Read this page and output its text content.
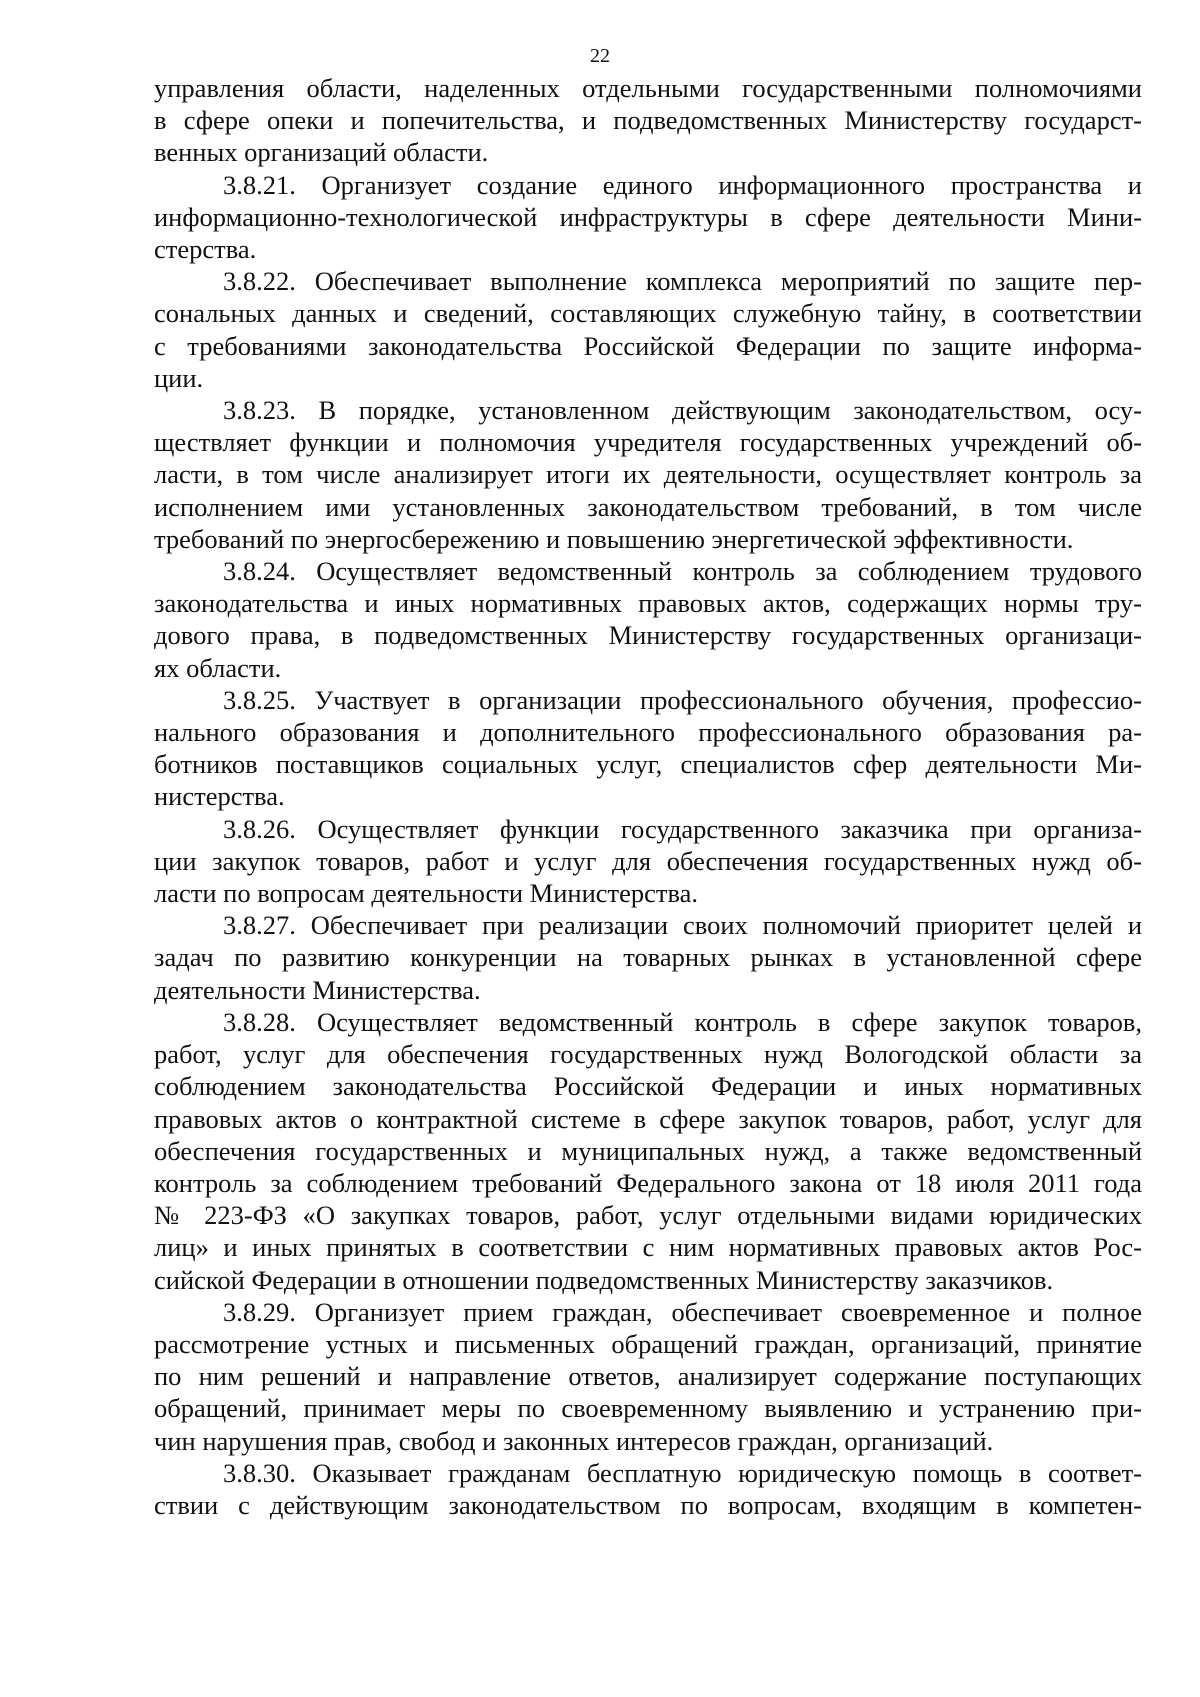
22
управления области, наделенных отдельными государственными полномочиями
в сфере опеки и попечительства, и подведомственных Министерству государст-
венных организаций области.
3.8.21. Организует создание единого информационного пространства и
информационно-технологической инфраструктуры в сфере деятельности Мини-
стерства.
3.8.22. Обеспечивает выполнение комплекса мероприятий по защите пер-
сональных данных и сведений, составляющих служебную тайну, в соответствии
с требованиями законодательства Российской Федерации по защите информа-
ции.
3.8.23. В порядке, установленном действующим законодательством, осу-
ществляет функции и полномочия учредителя государственных учреждений об-
ласти, в том числе анализирует итоги их деятельности, осуществляет контроль за
исполнением ими установленных законодательством требований, в том числе
требований по энергосбережению и повышению энергетической эффективности.
3.8.24. Осуществляет ведомственный контроль за соблюдением трудового
законодательства и иных нормативных правовых актов, содержащих нормы тру-
дового права, в подведомственных Министерству государственных организаци-
ях области.
3.8.25. Участвует в организации профессионального обучения, профессио-
нального образования и дополнительного профессионального образования ра-
ботников поставщиков социальных услуг, специалистов сфер деятельности Ми-
нистерства.
3.8.26. Осуществляет функции государственного заказчика при организа-
ции закупок товаров, работ и услуг для обеспечения государственных нужд об-
ласти по вопросам деятельности Министерства.
3.8.27. Обеспечивает при реализации своих полномочий приоритет целей и
задач по развитию конкуренции на товарных рынках в установленной сфере
деятельности Министерства.
3.8.28. Осуществляет ведомственный контроль в сфере закупок товаров,
работ, услуг для обеспечения государственных нужд Вологодской области за
соблюдением законодательства Российской Федерации и иных нормативных
правовых актов о контрактной системе в сфере закупок товаров, работ, услуг для
обеспечения государственных и муниципальных нужд, а также ведомственный
контроль за соблюдением требований Федерального закона от 18 июля 2011 года
№ 223-ФЗ «О закупках товаров, работ, услуг отдельными видами юридических
лиц» и иных принятых в соответствии с ним нормативных правовых актов Рос-
сийской Федерации в отношении подведомственных Министерству заказчиков.
3.8.29. Организует прием граждан, обеспечивает своевременное и полное
рассмотрение устных и письменных обращений граждан, организаций, принятие
по ним решений и направление ответов, анализирует содержание поступающих
обращений, принимает меры по своевременному выявлению и устранению при-
чин нарушения прав, свобод и законных интересов граждан, организаций.
3.8.30. Оказывает гражданам бесплатную юридическую помощь в соответ-
ствии с действующим законодательством по вопросам, входящим в компетен-
